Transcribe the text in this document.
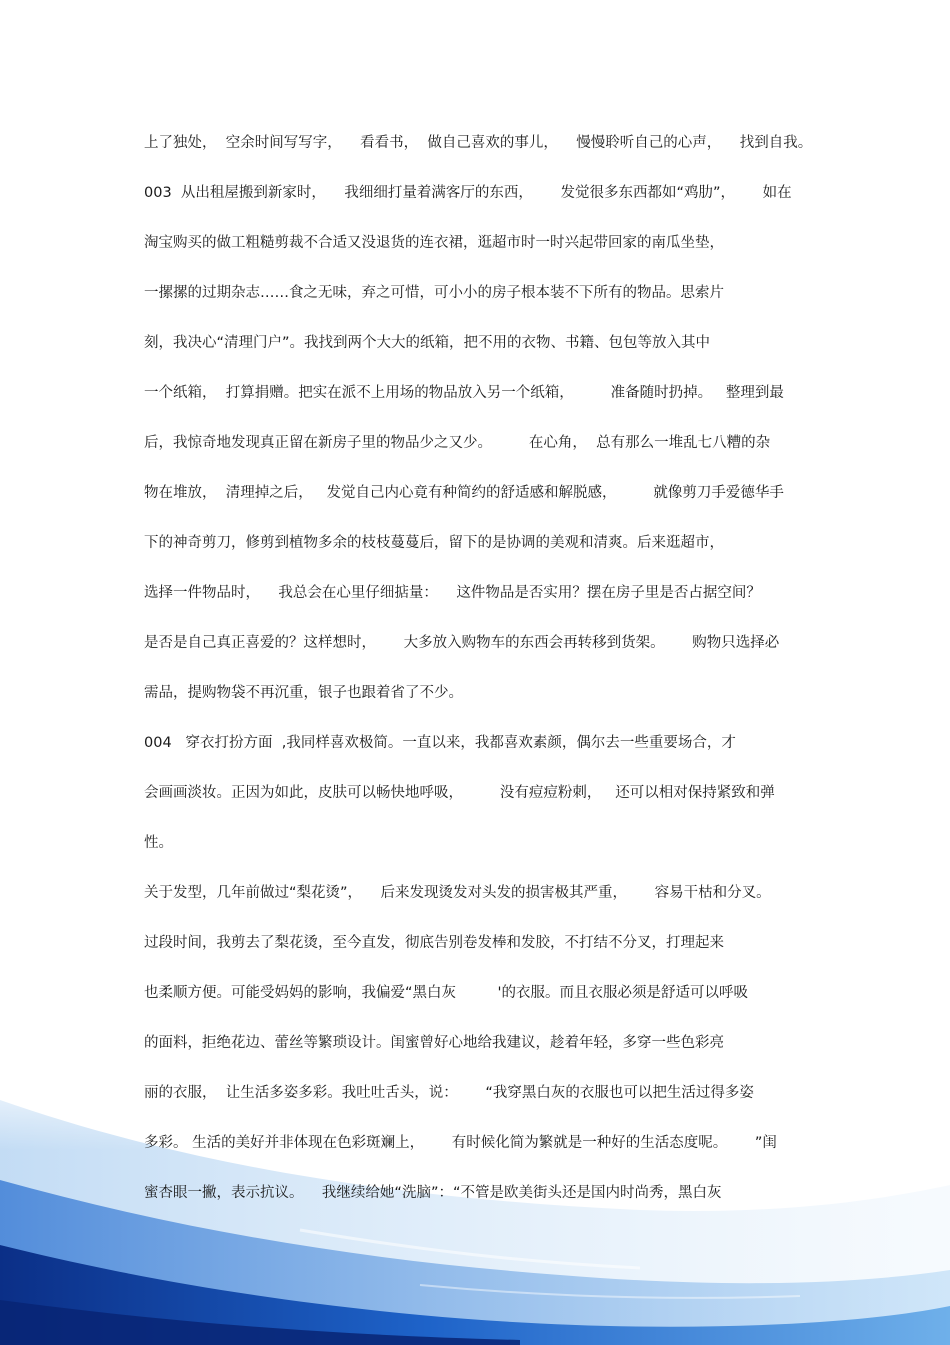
上了独处，  空余时间写写字，    看看书，  做自己喜欢的事儿，    慢慢聆听自己的心声，    找到自我。
003  从出租屋搬到新家时，    我细细打量着满客厅的东西，      发觉很多东西都如“鸡肋”，      如在
淘宝购买的做工粗糙剪裁不合适又没退货的连衣裙，逛超市时一时兴起带回家的南瓜坐垫，
一摞摞的过期杂志……食之无味，弃之可惜，可小小的房子根本装不下所有的物品。思索片
刻，我决心“清理门户”。我找到两个大大的纸箱，把不用的衣物、书籍、包包等放入其中
一个纸箱，  打算捐赠。把实在派不上用场的物品放入另一个纸箱，        准备随时扔掉。   整理到最
后，我惊奇地发现真正留在新房子里的物品少之又少。        在心角，  总有那么一堆乱七八糟的杂
物在堆放，  清理掉之后，   发觉自己内心竟有种简约的舒适感和解脱感，        就像剪刀手爱德华手
下的神奇剪刀，修剪到植物多余的枝枝蔓蔓后，留下的是协调的美观和清爽。后来逛超市，
选择一件物品时，    我总会在心里仔细掂量：    这件物品是否实用？摆在房子里是否占据空间？
是否是自己真正喜爱的？这样想时，      大多放入购物车的东西会再转移到货架。      购物只选择必
需品，提购物袋不再沉重，银子也跟着省了不少。
004   穿衣打扮方面  ,我同样喜欢极简。一直以来，我都喜欢素颜，偶尔去一些重要场合，才
会画画淡妆。正因为如此，皮肤可以畅快地呼吸，        没有痘痘粉刺，   还可以相对保持紧致和弹
性。
关于发型，几年前做过“梨花烫”，    后来发现烫发对头发的损害极其严重，      容易干枯和分叉。
过段时间，我剪去了梨花烫，至今直发，彻底告别卷发棒和发胶，不打结不分叉，打理起来
也柔顺方便。可能受妈妈的影响，我偏爱“黑白灰         '的衣服。而且衣服必须是舒适可以呼吸
的面料，拒绝花边、蕾丝等繁琐设计。闺蜜曾好心地给我建议，趁着年轻，多穿一些色彩亮
丽的衣服，  让生活多姿多彩。我吐吐舌头，说：      “我穿黑白灰的衣服也可以把生活过得多姿
多彩。 生活的美好并非体现在色彩斑斓上，      有时候化简为繁就是一种好的生活态度呢。      ”闺
蜜杏眼一撇，表示抗议。    我继续给她“洗脑”：“不管是欧美街头还是国内时尚秀，黑白灰
